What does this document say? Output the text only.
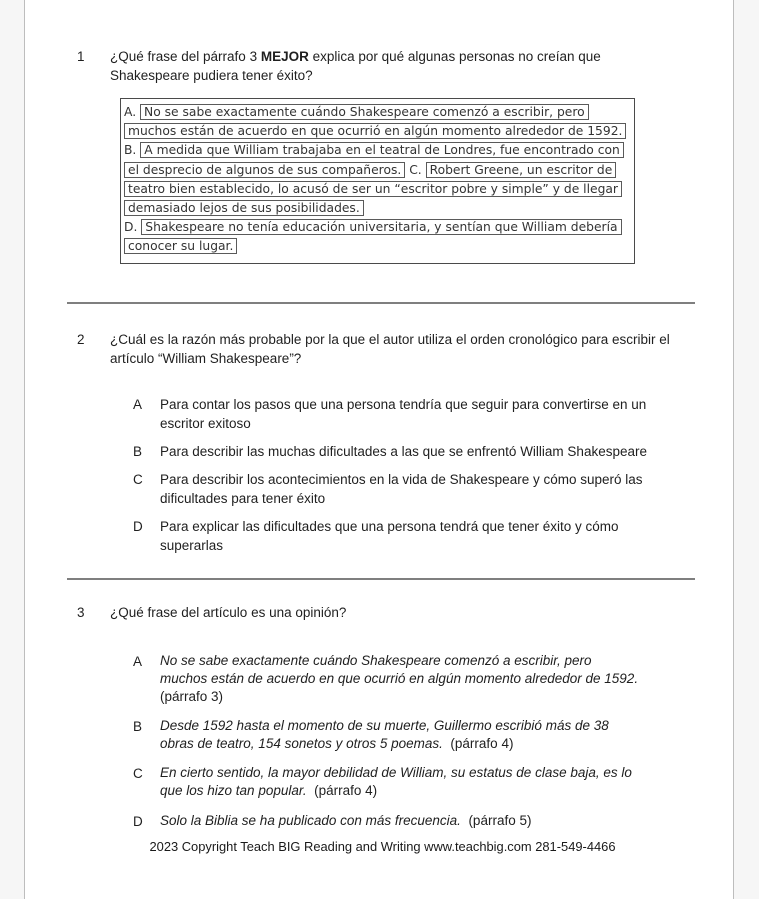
1	¿Qué frase del párrafo 3 MEJOR explica por qué algunas personas no creían que Shakespeare pudiera tener éxito?
A. No se sabe exactamente cuándo Shakespeare comenzó a escribir, pero muchos están de acuerdo en que ocurrió en algún momento alrededor de 1592. B. A medida que William trabajaba en el teatral de Londres, fue encontrado con el desprecio de algunos de sus compañeros. C. Robert Greene, un escritor de teatro bien establecido, lo acusó de ser un “escritor pobre y simple” y de llegar demasiado lejos de sus posibilidades.
D. Shakespeare no tenía educación universitaria, y sentían que William debería conocer su lugar.
2	¿Cuál es la razón más probable por la que el autor utiliza el orden cronológico para escribir el artículo “William Shakespeare”?
A	Para contar los pasos que una persona tendría que seguir para convertirse en un escritor exitoso
B	Para describir las muchas dificultades a las que se enfrentó William Shakespeare
C	Para describir los acontecimientos en la vida de Shakespeare y cómo superó las dificultades para tener éxito
D	Para explicar las dificultades que una persona tendrá que tener éxito y cómo superarlas
3	¿Qué frase del artículo es una opinión?
A	No se sabe exactamente cuándo Shakespeare comenzó a escribir, pero muchos están de acuerdo en que ocurrió en algún momento alrededor de 1592.  (párrafo 3)
B	Desde 1592 hasta el momento de su muerte, Guillermo escribió más de 38 obras de teatro, 154 sonetos y otros 5 poemas.  (párrafo 4)
C	En cierto sentido, la mayor debilidad de William, su estatus de clase baja, es lo que los hizo tan popular.  (párrafo 4)
D	Solo la Biblia se ha publicado con más frecuencia.  (párrafo 5)
2023 Copyright Teach BIG Reading and Writing www.teachbig.com 281-549-4466
